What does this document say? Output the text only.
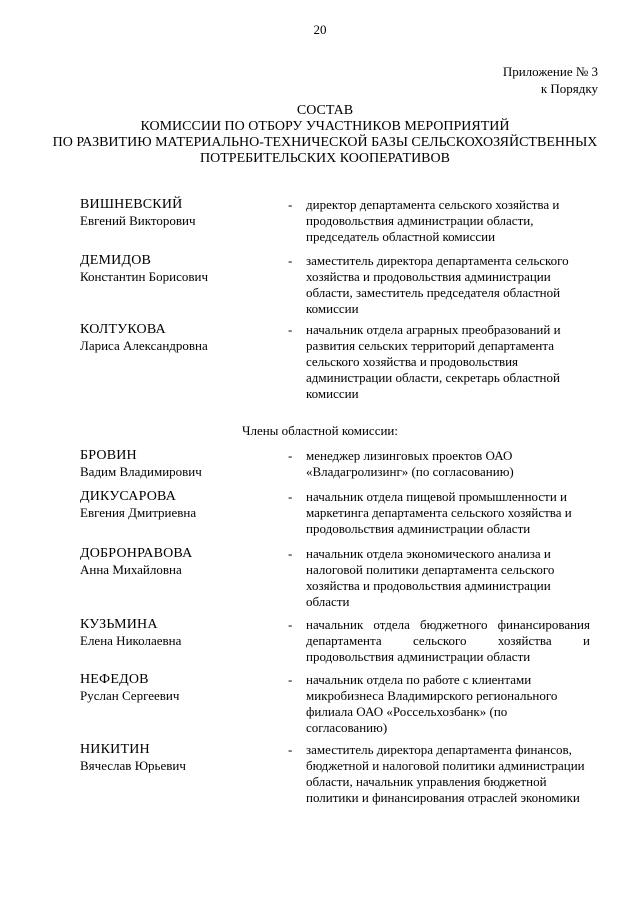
20
Приложение № 3
к Порядку
СОСТАВ
КОМИССИИ ПО ОТБОРУ УЧАСТНИКОВ МЕРОПРИЯТИЙ
ПО РАЗВИТИЮ МАТЕРИАЛЬНО-ТЕХНИЧЕСКОЙ БАЗЫ СЕЛЬСКОХОЗЯЙСТВЕННЫХ
ПОТРЕБИТЕЛЬСКИХ КООПЕРАТИВОВ
ВИШНЕВСКИЙ
Евгений Викторович
- директор департамента сельского хозяйства и продовольствия администрации области, председатель областной комиссии
ДЕМИДОВ
Константин Борисович
- заместитель директора департамента сельского хозяйства и продовольствия администрации области, заместитель председателя областной комиссии
КОЛТУКОВА
Лариса Александровна
- начальник отдела аграрных преобразований и развития сельских территорий департамента сельского хозяйства и продовольствия администрации области, секретарь областной комиссии
Члены областной комиссии:
БРОВИН
Вадим Владимирович
- менеджер лизинговых проектов ОАО «Владагролизинг» (по согласованию)
ДИКУСАРОВА
Евгения Дмитриевна
- начальник отдела пищевой промышленности и маркетинга департамента сельского хозяйства и продовольствия администрации области
ДОБРОНРАВОВА
Анна Михайловна
- начальник отдела экономического анализа и налоговой политики департамента сельского хозяйства и продовольствия администрации области
КУЗЬМИНА
Елена Николаевна
- начальник отдела бюджетного финансирования департамента сельского хозяйства и продовольствия администрации области
НЕФЕДОВ
Руслан Сергеевич
- начальник отдела по работе с клиентами микробизнеса Владимирского регионального филиала ОАО «Россельхозбанк» (по согласованию)
НИКИТИН
Вячеслав Юрьевич
- заместитель директора департамента финансов, бюджетной и налоговой политики администрации области, начальник управления бюджетной политики и финансирования отраслей экономики
